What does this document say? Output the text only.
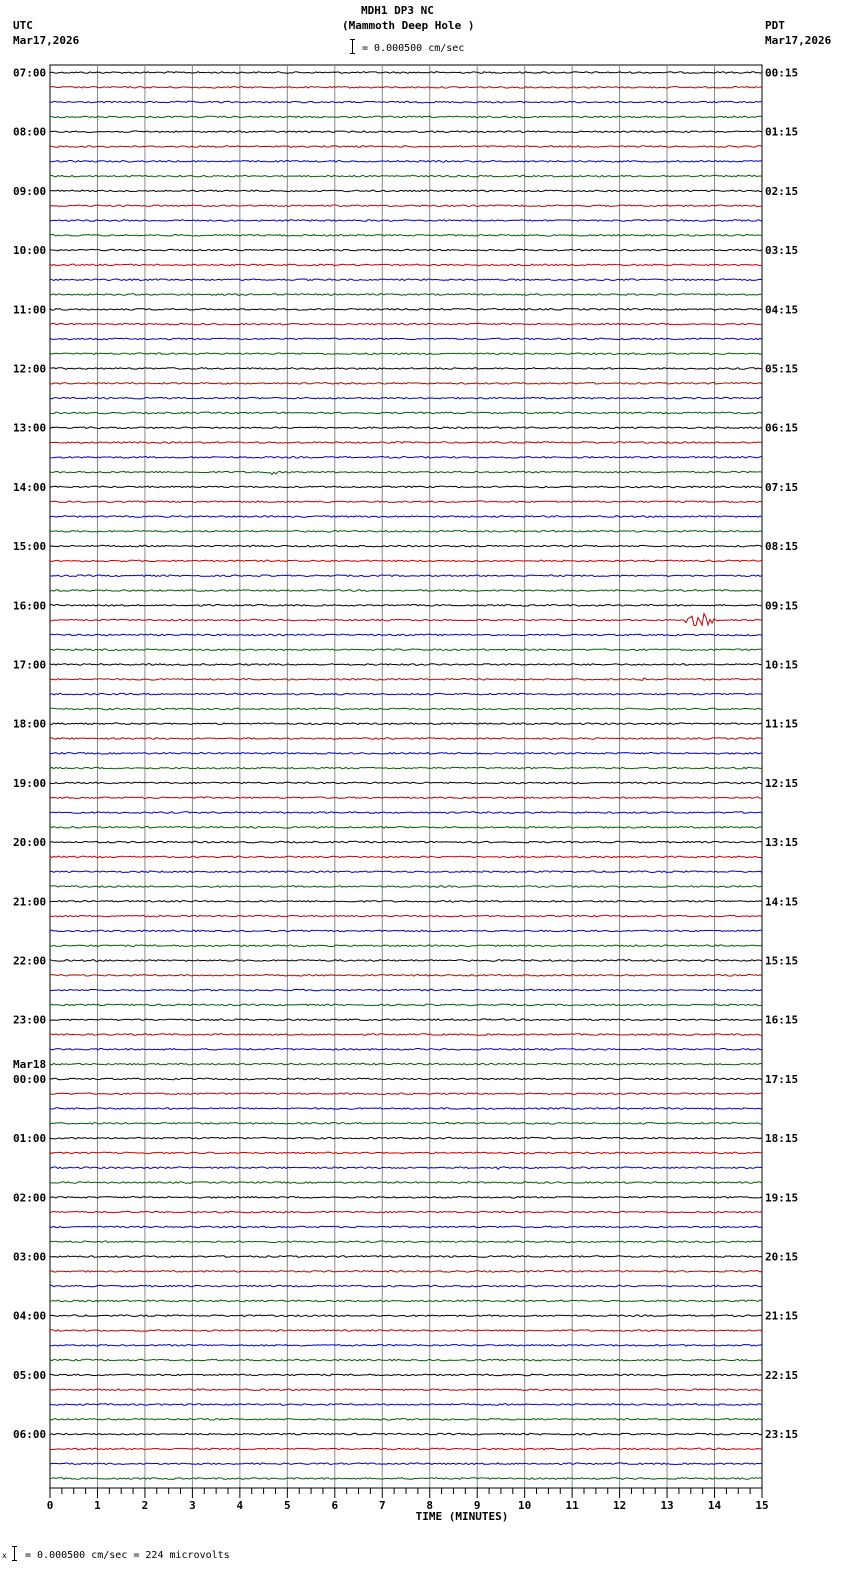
MDH1 DP3 NC
(Mammoth Deep Hole )
UTC
Mar17,2026
PDT
Mar17,2026
= 0.000500 cm/sec
07:00	00:15
08:00	01:15
09:00	02:15
10:00	03:15
11:00	04:15
12:00	05:15
13:00	06:15
14:00	07:15
15:00	08:15
16:00	09:15
17:00	10:15
18:00	11:15
19:00	12:15
20:00	13:15
21:00	14:15
22:00	15:15
23:00	16:15
00:00	17:15
Mar18
01:00	18:15
02:00	19:15
03:00	20:15
04:00	21:15
05:00	22:15
06:00	23:15
0	1	2	3	4	5	6	7	8	9	10	11	12	13	14	15
TIME (MINUTES)
x = 0.000500 cm/sec = 224 microvolts
